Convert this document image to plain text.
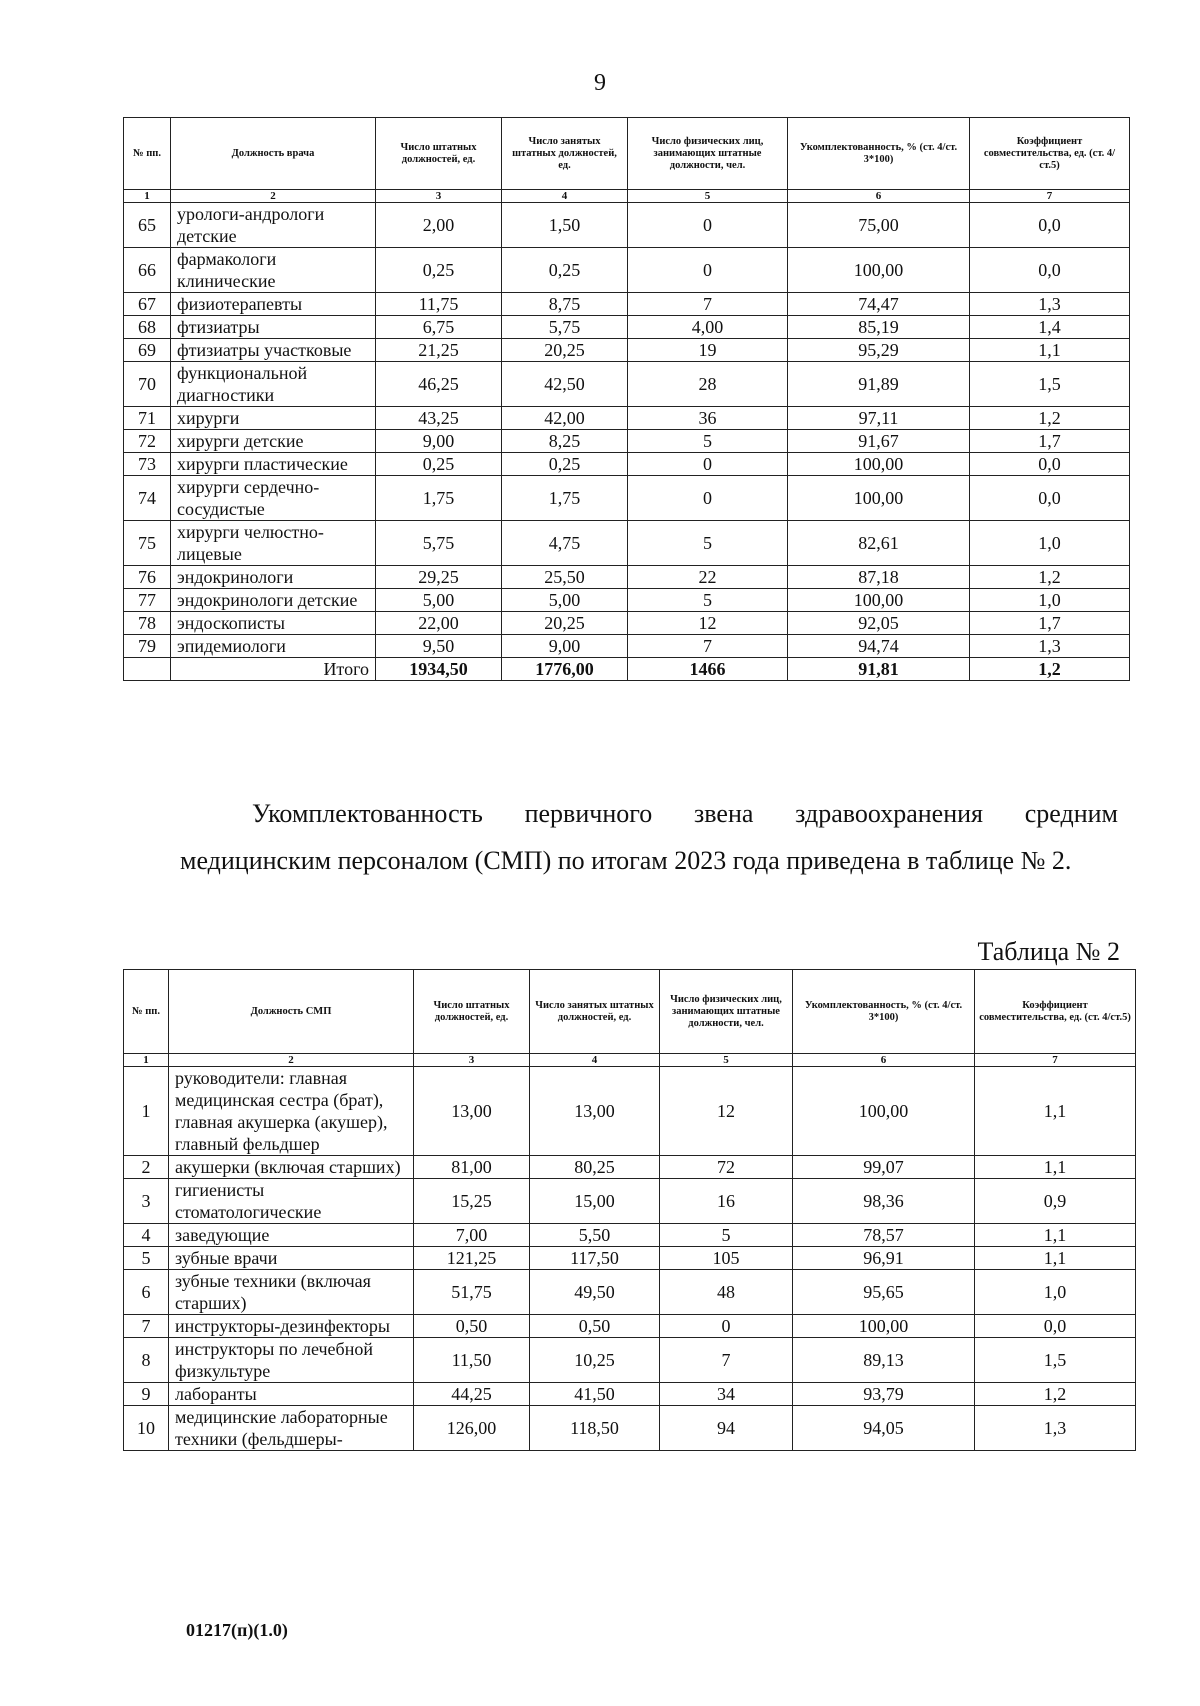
9
№ пп.	Должность врача	Число штатных должностей, ед.	Число занятых штатных должностей, ед.	Число физических лиц, занимающих штатные должности, чел.	Укомплектованность, % (ст. 4/ст. 3*100)	Коэффициент совместительства, ед. (ст. 4/ст.5)
1	2	3	4	5	6	7
65	урологи-андрологи детские	2,00	1,50	0	75,00	0,0
66	фармакологи клинические	0,25	0,25	0	100,00	0,0
67	физиотерапевты	11,75	8,75	7	74,47	1,3
68	фтизиатры	6,75	5,75	4,00	85,19	1,4
69	фтизиатры участковые	21,25	20,25	19	95,29	1,1
70	функциональной диагностики	46,25	42,50	28	91,89	1,5
71	хирурги	43,25	42,00	36	97,11	1,2
72	хирурги детские	9,00	8,25	5	91,67	1,7
73	хирурги пластические	0,25	0,25	0	100,00	0,0
74	хирурги сердечно-сосудистые	1,75	1,75	0	100,00	0,0
75	хирурги челюстно-лицевые	5,75	4,75	5	82,61	1,0
76	эндокринологи	29,25	25,50	22	87,18	1,2
77	эндокринологи детские	5,00	5,00	5	100,00	1,0
78	эндоскописты	22,00	20,25	12	92,05	1,7
79	эпидемиологи	9,50	9,00	7	94,74	1,3
	Итого	1934,50	1776,00	1466	91,81	1,2

Укомплектованность первичного звена здравоохранения средним медицинским персоналом (СМП) по итогам 2023 года приведена в таблице № 2.

Таблица № 2
№ пп.	Должность СМП	Число штатных должностей, ед.	Число занятых штатных должностей, ед.	Число физических лиц, занимающих штатные должности, чел.	Укомплектованность, % (ст. 4/ст. 3*100)	Коэффициент совместительства, ед. (ст. 4/ст.5)
1	2	3	4	5	6	7
1	руководители: главная медицинская сестра (брат), главная акушерка (акушер), главный фельдшер	13,00	13,00	12	100,00	1,1
2	акушерки (включая старших)	81,00	80,25	72	99,07	1,1
3	гигиенисты стоматологические	15,25	15,00	16	98,36	0,9
4	заведующие	7,00	5,50	5	78,57	1,1
5	зубные врачи	121,25	117,50	105	96,91	1,1
6	зубные техники (включая старших)	51,75	49,50	48	95,65	1,0
7	инструкторы-дезинфекторы	0,50	0,50	0	100,00	0,0
8	инструкторы по лечебной физкультуре	11,50	10,25	7	89,13	1,5
9	лаборанты	44,25	41,50	34	93,79	1,2
10	медицинские лабораторные техники (фельдшеры-	126,00	118,50	94	94,05	1,3
01217(п)(1.0)
